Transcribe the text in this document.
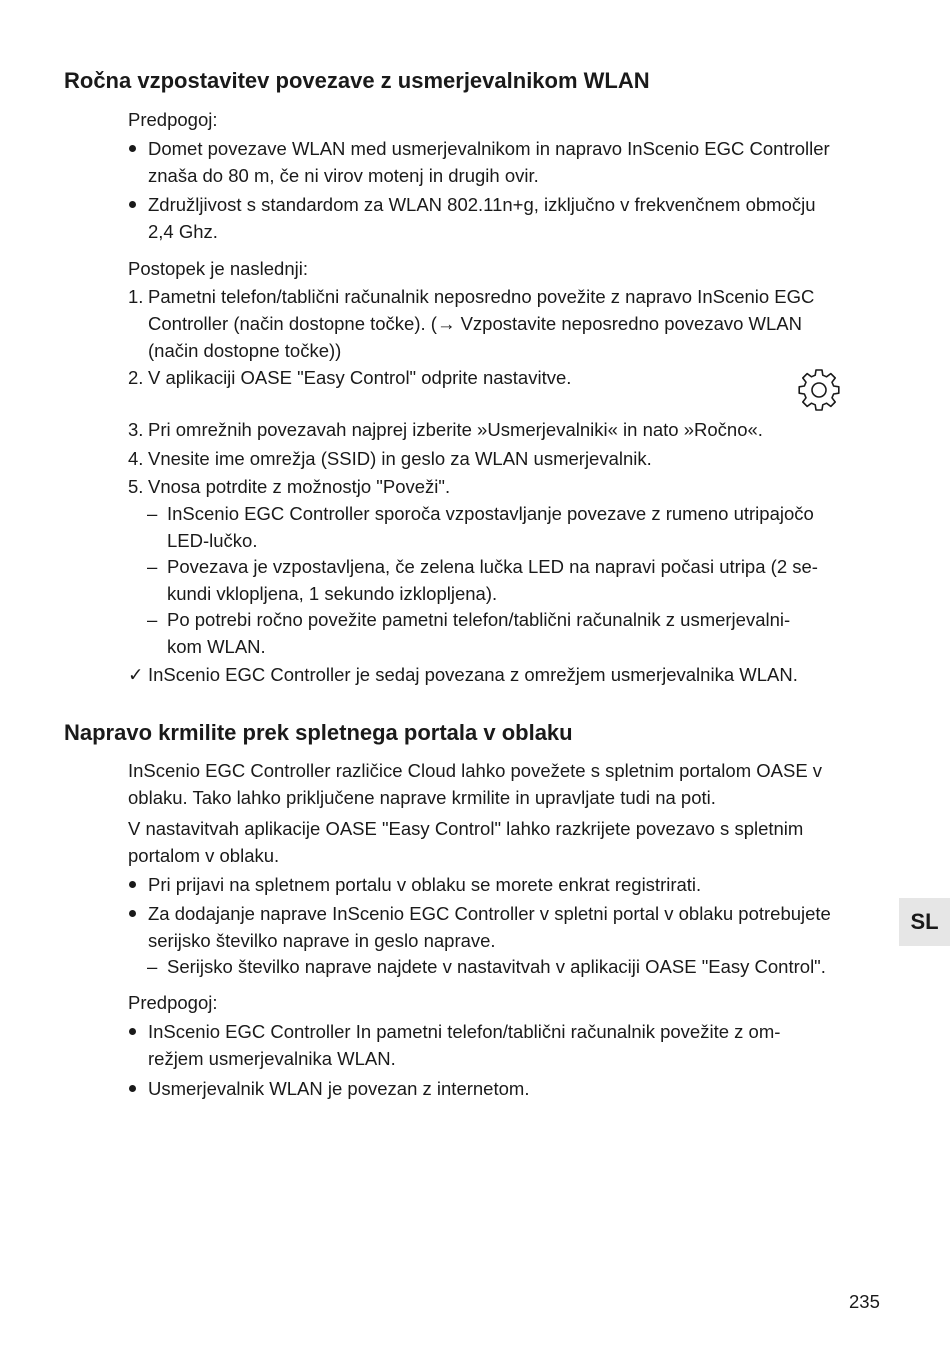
Ročna vzpostavitev povezave z usmerjevalnikom WLAN

Predpogoj:

Domet povezave WLAN med usmerjevalnikom in napravo InScenio EGC Controller
znaša do 80 m, če ni virov motenj in drugih ovir.
Združljivost s standardom za WLAN 802.11n+g, izključno v frekvenčnem območju
2,4 Ghz.

Postopek je naslednji:

1. Pametni telefon/tablični računalnik neposredno povežite z napravo InScenio EGC
Controller (način dostopne točke). (→ Vzpostavite neposredno povezavo WLAN
(način dostopne točke))
2. V aplikaciji OASE "Easy Control" odprite nastavitve.
3. Pri omrežnih povezavah najprej izberite »Usmerjevalniki« in nato »Ročno«.
4. Vnesite ime omrežja (SSID) in geslo za WLAN usmerjevalnik.
5. Vnosa potrdite z možnostjo "Poveži".
– InScenio EGC Controller sporoča vzpostavljanje povezave z rumeno utripajočo
LED-lučko.
– Povezava je vzpostavljena, če zelena lučka LED na napravi počasi utripa (2 se-
kundi vklopljena, 1 sekundo izklopljena).
– Po potrebi ročno povežite pametni telefon/tablični računalnik z usmerjevalni-
kom WLAN.
✓ InScenio EGC Controller je sedaj povezana z omrežjem usmerjevalnika WLAN.
Napravo krmilite prek spletnega portala v oblaku
InScenio EGC Controller različice Cloud lahko povežete s spletnim portalom OASE v
oblaku. Tako lahko priključene naprave krmilite in upravljate tudi na poti.
V nastavitvah aplikacije OASE "Easy Control" lahko razkrijete povezavo s spletnim
portalom v oblaku.
Pri prijavi na spletnem portalu v oblaku se morete enkrat registrirati.
Za dodajanje naprave InScenio EGC Controller v spletni portal v oblaku potrebujete
serijsko številko naprave in geslo naprave.
– Serijsko številko naprave najdete v nastavitvah v aplikaciji OASE "Easy Control".

Predpogoj:

InScenio EGC Controller In pametni telefon/tablični računalnik povežite z om-
režjem usmerjevalnika WLAN.
Usmerjevalnik WLAN je povezan z internetom.
SL
235
